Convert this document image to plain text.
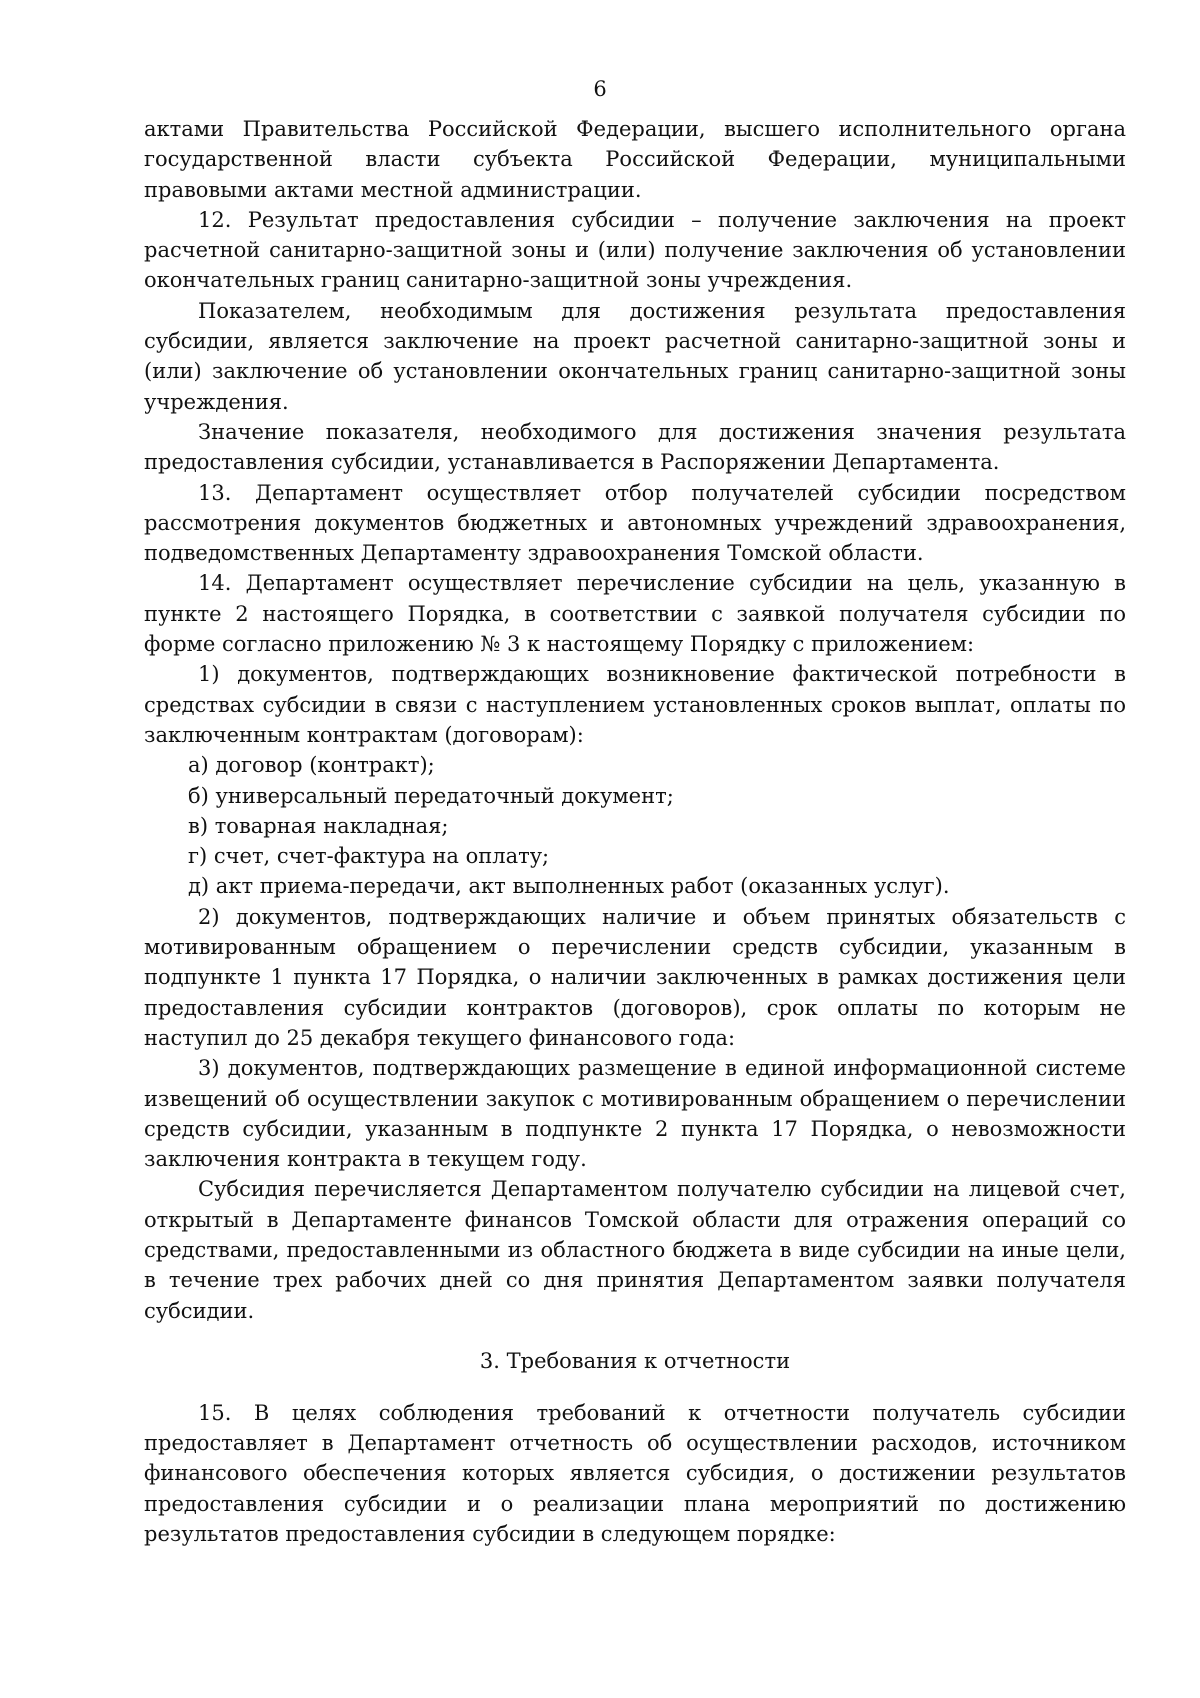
6

актами Правительства Российской Федерации, высшего исполнительного органа государственной власти субъекта Российской Федерации, муниципальными правовыми актами местной администрации.

12. Результат предоставления субсидии – получение заключения на проект расчетной санитарно-защитной зоны и (или) получение заключения об установлении окончательных границ санитарно-защитной зоны учреждения.

Показателем, необходимым для достижения результата предоставления субсидии, является заключение на проект расчетной санитарно-защитной зоны и (или) заключение об установлении окончательных границ санитарно-защитной зоны учреждения.

Значение показателя, необходимого для достижения значения результата предоставления субсидии, устанавливается в Распоряжении Департамента.

13. Департамент осуществляет отбор получателей субсидии посредством рассмотрения документов бюджетных и автономных учреждений здравоохранения, подведомственных Департаменту здравоохранения Томской области.

14. Департамент осуществляет перечисление субсидии на цель, указанную в пункте 2 настоящего Порядка, в соответствии с заявкой получателя субсидии по форме согласно приложению № 3 к настоящему Порядку с приложением:

1) документов, подтверждающих возникновение фактической потребности в средствах субсидии в связи с наступлением установленных сроков выплат, оплаты по заключенным контрактам (договорам):

а) договор (контракт);

б) универсальный передаточный документ;

в) товарная накладная;

г) счет, счет-фактура на оплату;

д) акт приема-передачи, акт выполненных работ (оказанных услуг).

2) документов, подтверждающих наличие и объем принятых обязательств с мотивированным обращением о перечислении средств субсидии, указанным в подпункте 1 пункта 17 Порядка, о наличии заключенных в рамках достижения цели предоставления субсидии контрактов (договоров), срок оплаты по которым не наступил до 25 декабря текущего финансового года:

3) документов, подтверждающих размещение в единой информационной системе извещений об осуществлении закупок с мотивированным обращением о перечислении средств субсидии, указанным в подпункте 2 пункта 17 Порядка, о невозможности заключения контракта в текущем году.

Субсидия перечисляется Департаментом получателю субсидии на лицевой счет, открытый в Департаменте финансов Томской области для отражения операций со средствами, предоставленными из областного бюджета в виде субсидии на иные цели, в течение трех рабочих дней со дня принятия Департаментом заявки получателя субсидии.

3. Требования к отчетности

15. В целях соблюдения требований к отчетности получатель субсидии предоставляет в Департамент отчетность об осуществлении расходов, источником финансового обеспечения которых является субсидия, о достижении результатов предоставления субсидии и о реализации плана мероприятий по достижению результатов предоставления субсидии в следующем порядке:
